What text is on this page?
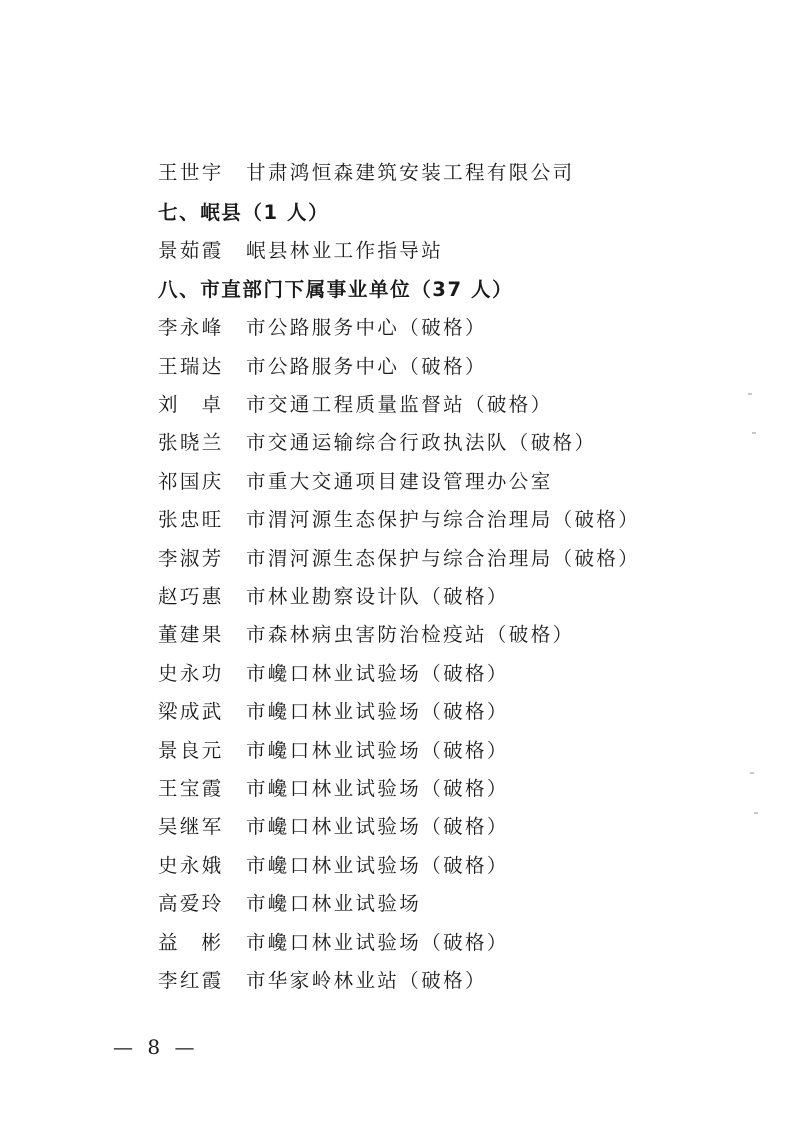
王世宇 甘肃鸿恒森建筑安装工程有限公司
七、岷县（1 人）
景茹霞 岷县林业工作指导站
八、市直部门下属事业单位（37 人）
李永峰 市公路服务中心（破格）
王瑞达 市公路服务中心（破格）
刘卓市交通工程质量监督站（破格）
张晓兰 市交通运输综合行政执法队（破格）
祁国庆 市重大交通项目建设管理办公室
张忠旺 市渭河源生态保护与综合治理局（破格）
李淑芳 市渭河源生态保护与综合治理局（破格）
赵巧惠 市林业勘察设计队（破格）
董建果 市森林病虫害防治检疫站（破格）
史永功 市巉口林业试验场（破格）
梁成武 市巉口林业试验场（破格）
景良元 市巉口林业试验场（破格）
王宝霞 市巉口林业试验场（破格）
吴继军 市巉口林业试验场（破格）
史永娥 市巉口林业试验场（破格）
高爱玲 市巉口林业试验场
益彬市巉口林业试验场（破格）
李红霞 市华家岭林业站（破格）
— 8 —
